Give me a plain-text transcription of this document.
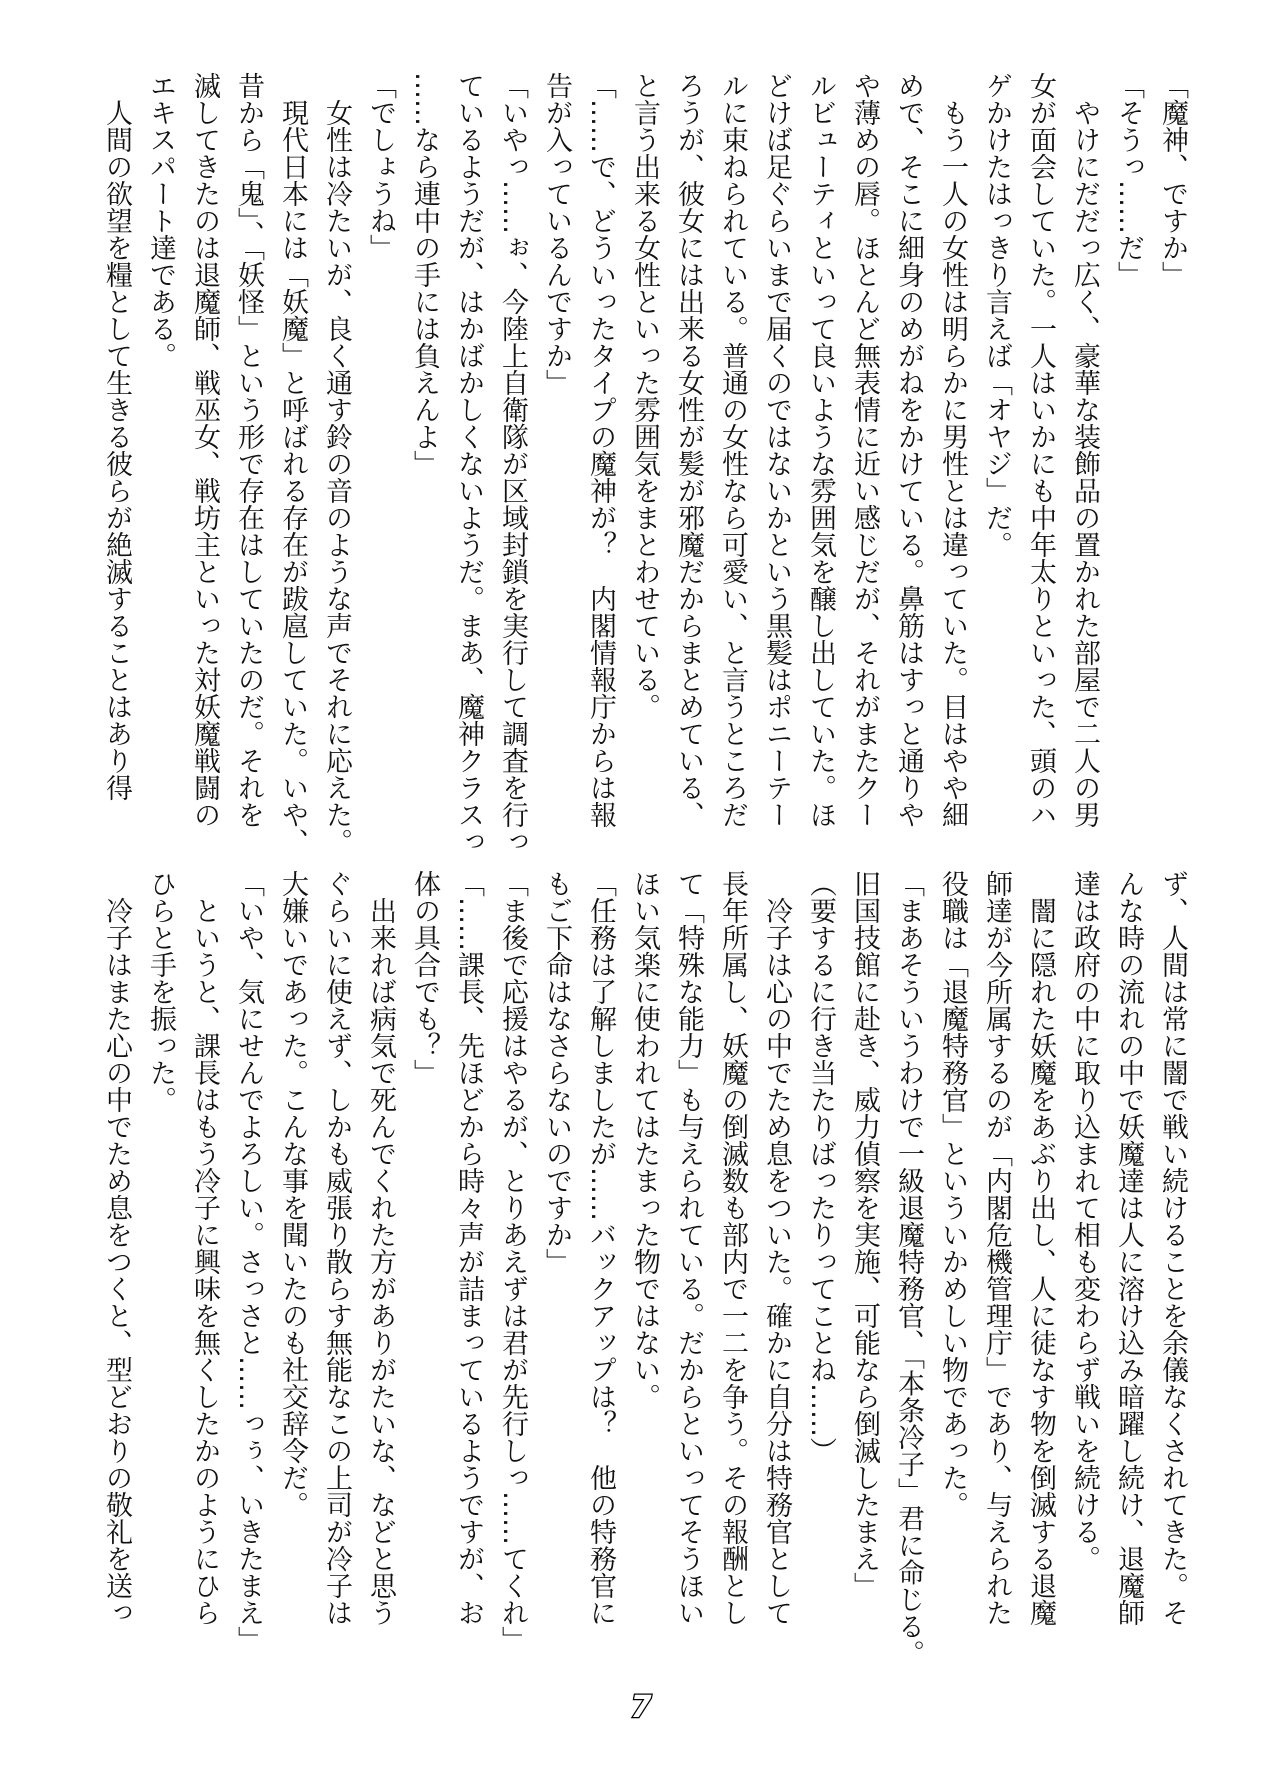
「魔神、ですか」
「そうっ……だ」
　やけにだだっ広く、豪華な装飾品の置かれた部屋で二人の男
女が面会していた。一人はいかにも中年太りといった、頭のハ
ゲかけたはっきり言えば「オヤジ」だ。
　もう一人の女性は明らかに男性とは違っていた。目はやや細
めで、そこに細身のめがねをかけている。鼻筋はすっと通りや
や薄めの唇。ほとんど無表情に近い感じだが、それがまたクー
ルビューティといって良いような雰囲気を醸し出していた。ほ
どけば足ぐらいまで届くのではないかという黒髪はポニーテー
ルに束ねられている。普通の女性なら可愛い、と言うところだ
ろうが、彼女には出来る女性が髪が邪魔だからまとめている、
と言う出来る女性といった雰囲気をまとわせている。
「……で、どういったタイプの魔神が？　内閣情報庁からは報
告が入っているんですか」
「いやっ……ぉ、今陸上自衛隊が区域封鎖を実行して調査を行っ
ているようだが、はかばかしくないようだ。まあ、魔神クラスっ
……なら連中の手には負えんよ」
「でしょうね」
　女性は冷たいが、良く通す鈴の音のような声でそれに応えた。
　現代日本には「妖魔」と呼ばれる存在が跋扈していた。いや、
昔から「鬼」、「妖怪」という形で存在はしていたのだ。それを
滅してきたのは退魔師、戦巫女、戦坊主といった対妖魔戦闘の
エキスパート達である。
　人間の欲望を糧として生きる彼らが絶滅することはあり得
ず、人間は常に闇で戦い続けることを余儀なくされてきた。そ
んな時の流れの中で妖魔達は人に溶け込み暗躍し続け、退魔師
達は政府の中に取り込まれて相も変わらず戦いを続ける。
　闇に隠れた妖魔をあぶり出し、人に徒なす物を倒滅する退魔
師達が今所属するのが「内閣危機管理庁」であり、与えられた
役職は「退魔特務官」といういかめしい物であった。
「まあそういうわけで一級退魔特務官、「本条冷子」君に命じる。
旧国技館に赴き、威力偵察を実施、可能なら倒滅したまえ」
（要するに行き当たりばったりってことね……）
　冷子は心の中でため息をついた。確かに自分は特務官として
長年所属し、妖魔の倒滅数も部内で一二を争う。その報酬とし
て「特殊な能力」も与えられている。だからといってそうほい
ほい気楽に使われてはたまった物ではない。
「任務は了解しましたが……バックアップは？　他の特務官に
もご下命はなさらないのですか」
「ま後で応援はやるが、とりあえずは君が先行しっ……てくれ」
「……課長、先ほどから時々声が詰まっているようですが、お
体の具合でも？」
　出来れば病気で死んでくれた方がありがたいな、などと思う
ぐらいに使えず、しかも威張り散らす無能なこの上司が冷子は
大嫌いであった。こんな事を聞いたのも社交辞令だ。
「いや、気にせんでよろしい。さっさと……っぅ、いきたまえ」
　というと、課長はもう冷子に興味を無くしたかのようにひら
ひらと手を振った。
　冷子はまた心の中でため息をつくと、型どおりの敬礼を送っ
7
